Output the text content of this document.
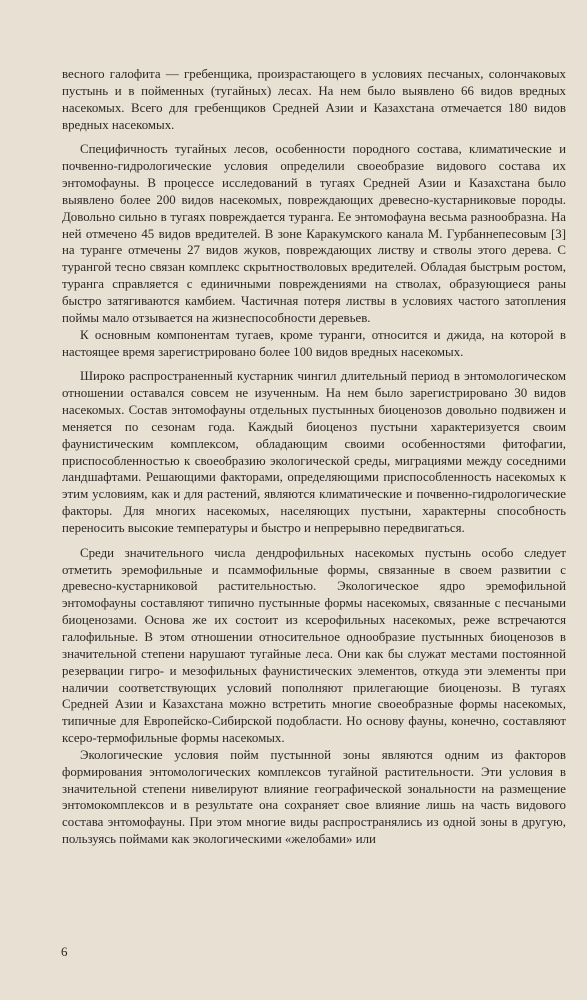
весного галофита — гребенщика, произрастающего в условиях песчаных, солончаковых пустынь и в пойменных (тугайных) лесах. На нем было выявлено 66 видов вредных насекомых. Всего для гребенщиков Средней Азии и Казахстана отмечается 180 видов вредных насекомых.

Специфичность тугайных лесов, особенности породного состава, климатические и почвенно-гидрологические условия определили своеобразие видового состава их энтомофауны. В процессе исследований в тугаях Средней Азии и Казахстана было выявлено более 200 видов насекомых, повреждающих древесно-кустарниковые породы. Довольно сильно в тугаях повреждается туранга. Ее энтомофауна весьма разнообразна. На ней отмечено 45 видов вредителей. В зоне Каракумского канала М. Гурбаннепесовым [3] на туранге отмечены 27 видов жуков, повреждающих листву и стволы этого дерева. С турангой тесно связан комплекс скрытностволовых вредителей. Обладая быстрым ростом, туранга справляется с единичными повреждениями на стволах, образующиеся раны быстро затягиваются камбием. Частичная потеря листвы в условиях частого затопления поймы мало отзывается на жизнеспособности деревьев.

К основным компонентам тугаев, кроме туранги, относится и джида, на которой в настоящее время зарегистрировано более 100 видов вредных насекомых.

Широко распространенный кустарник чингил длительный период в энтомологическом отношении оставался совсем не изученным. На нем было зарегистрировано 30 видов насекомых. Состав энтомофауны отдельных пустынных биоценозов довольно подвижен и меняется по сезонам года. Каждый биоценоз пустыни характеризуется своим фаунистическим комплексом, обладающим своими особенностями фитофагии, приспособленностью к своеобразию экологической среды, миграциями между соседними ландшафтами. Решающими факторами, определяющими приспособленность насекомых к этим условиям, как и для растений, являются климатические и почвенно-гидрологические факторы. Для многих насекомых, населяющих пустыни, характерны способность переносить высокие температуры и быстро и непрерывно передвигаться.

Среди значительного числа дендрофильных насекомых пустынь особо следует отметить эремофильные и псаммофильные формы, связанные в своем развитии с древесно-кустарниковой растительностью. Экологическое ядро эремофильной энтомофауны составляют типично пустынные формы насекомых, связанные с песчаными биоценозами. Основа же их состоит из ксерофильных насекомых, реже встречаются галофильные. В этом отношении относительное однообразие пустынных биоценозов в значительной степени нарушают тугайные леса. Они как бы служат местами постоянной резервации гигро- и мезофильных фаунистических элементов, откуда эти элементы при наличии соответствующих условий пополняют прилегающие биоценозы. В тугаях Средней Азии и Казахстана можно встретить многие своеобразные формы насекомых, типичные для Европейско-Сибирской подобласти. Но основу фауны, конечно, составляют ксеро-термофильные формы насекомых.

Экологические условия пойм пустынной зоны являются одним из факторов формирования энтомологических комплексов тугайной растительности. Эти условия в значительной степени нивелируют влияние географической зональности на размещение энтомокомплексов и в результате она сохраняет свое влияние лишь на часть видового состава энтомофауны. При этом многие виды распространялись из одной зоны в другую, пользуясь поймами как экологическими «желобами» или

6
